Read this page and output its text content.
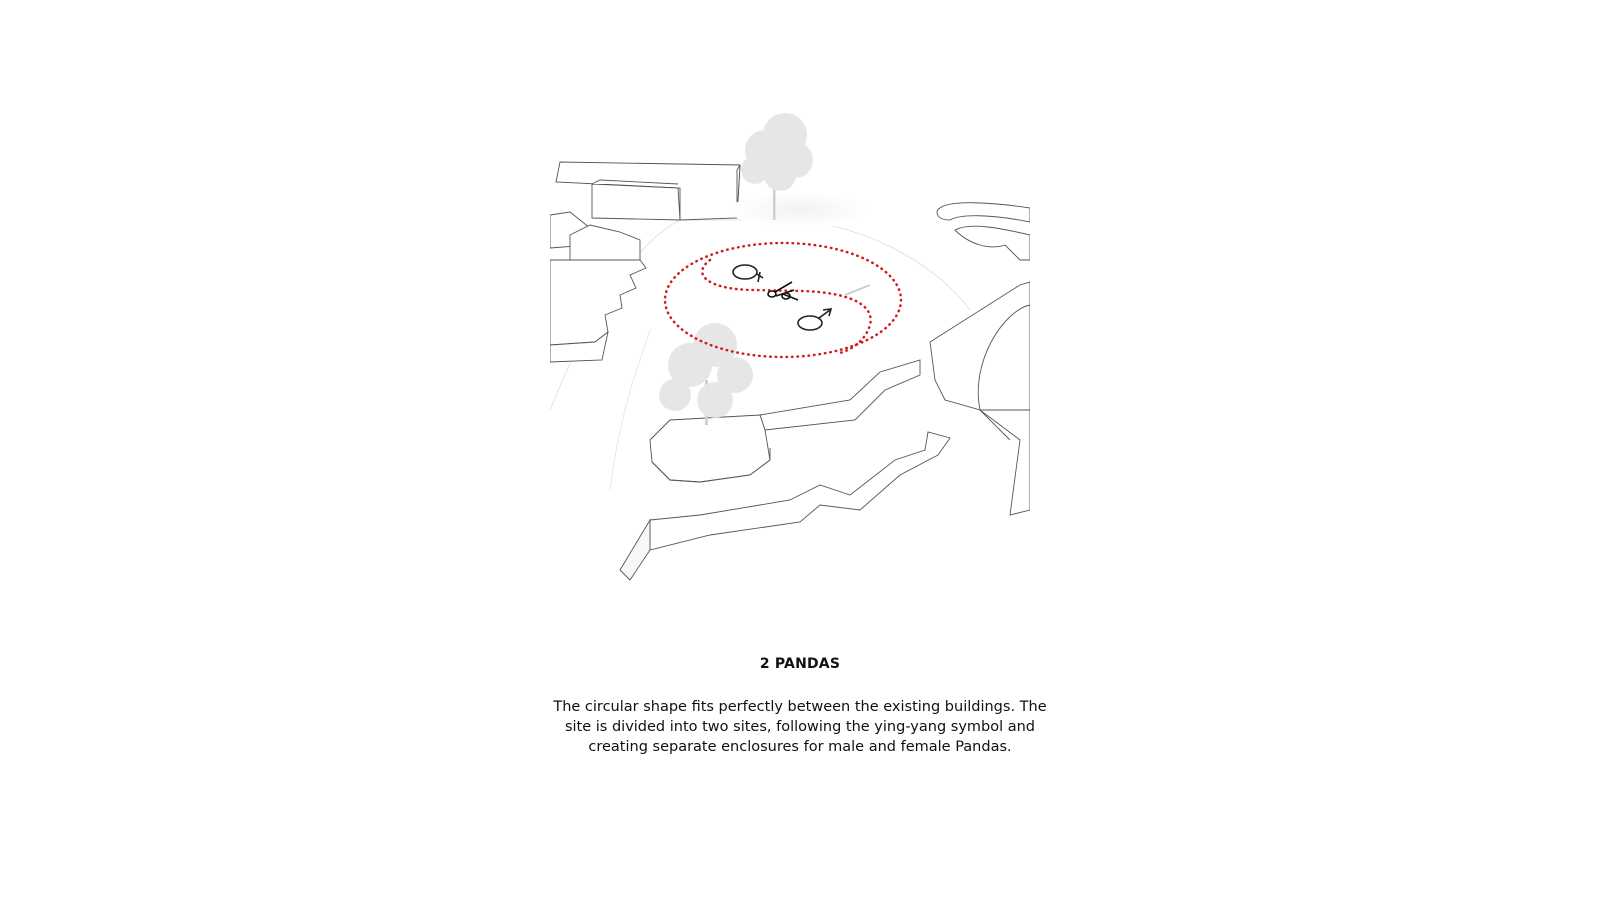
2 PANDAS
The circular shape fits perfectly between the existing buildings. The
site is divided into two sites, following the ying-yang symbol and
creating separate enclosures for male and female Pandas.
